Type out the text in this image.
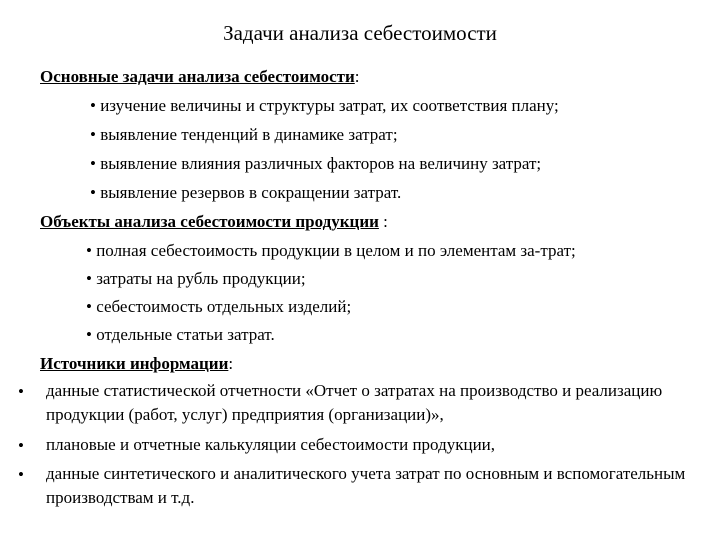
Задачи анализа себестоимости
Основные задачи анализа себестоимости:
• изучение величины и структуры затрат, их соответствия плану;
• выявление тенденций в динамике затрат;
• выявление влияния различных факторов на величину затрат;
• выявление резервов в сокращении затрат.
Объекты анализа себестоимости продукции :
• полная себестоимость продукции в целом и по элементам за-трат;
• затраты на рубль продукции;
• себестоимость отдельных изделий;
• отдельные статьи затрат.
Источники информации:
• данные статистической отчетности «Отчет о затратах на производство и реализацию продукции (работ, услуг) предприятия (организации)»,
• плановые и отчетные калькуляции себестоимости продукции,
• данные синтетического и аналитического учета затрат по основным и вспомогательным производствам и т.д.
